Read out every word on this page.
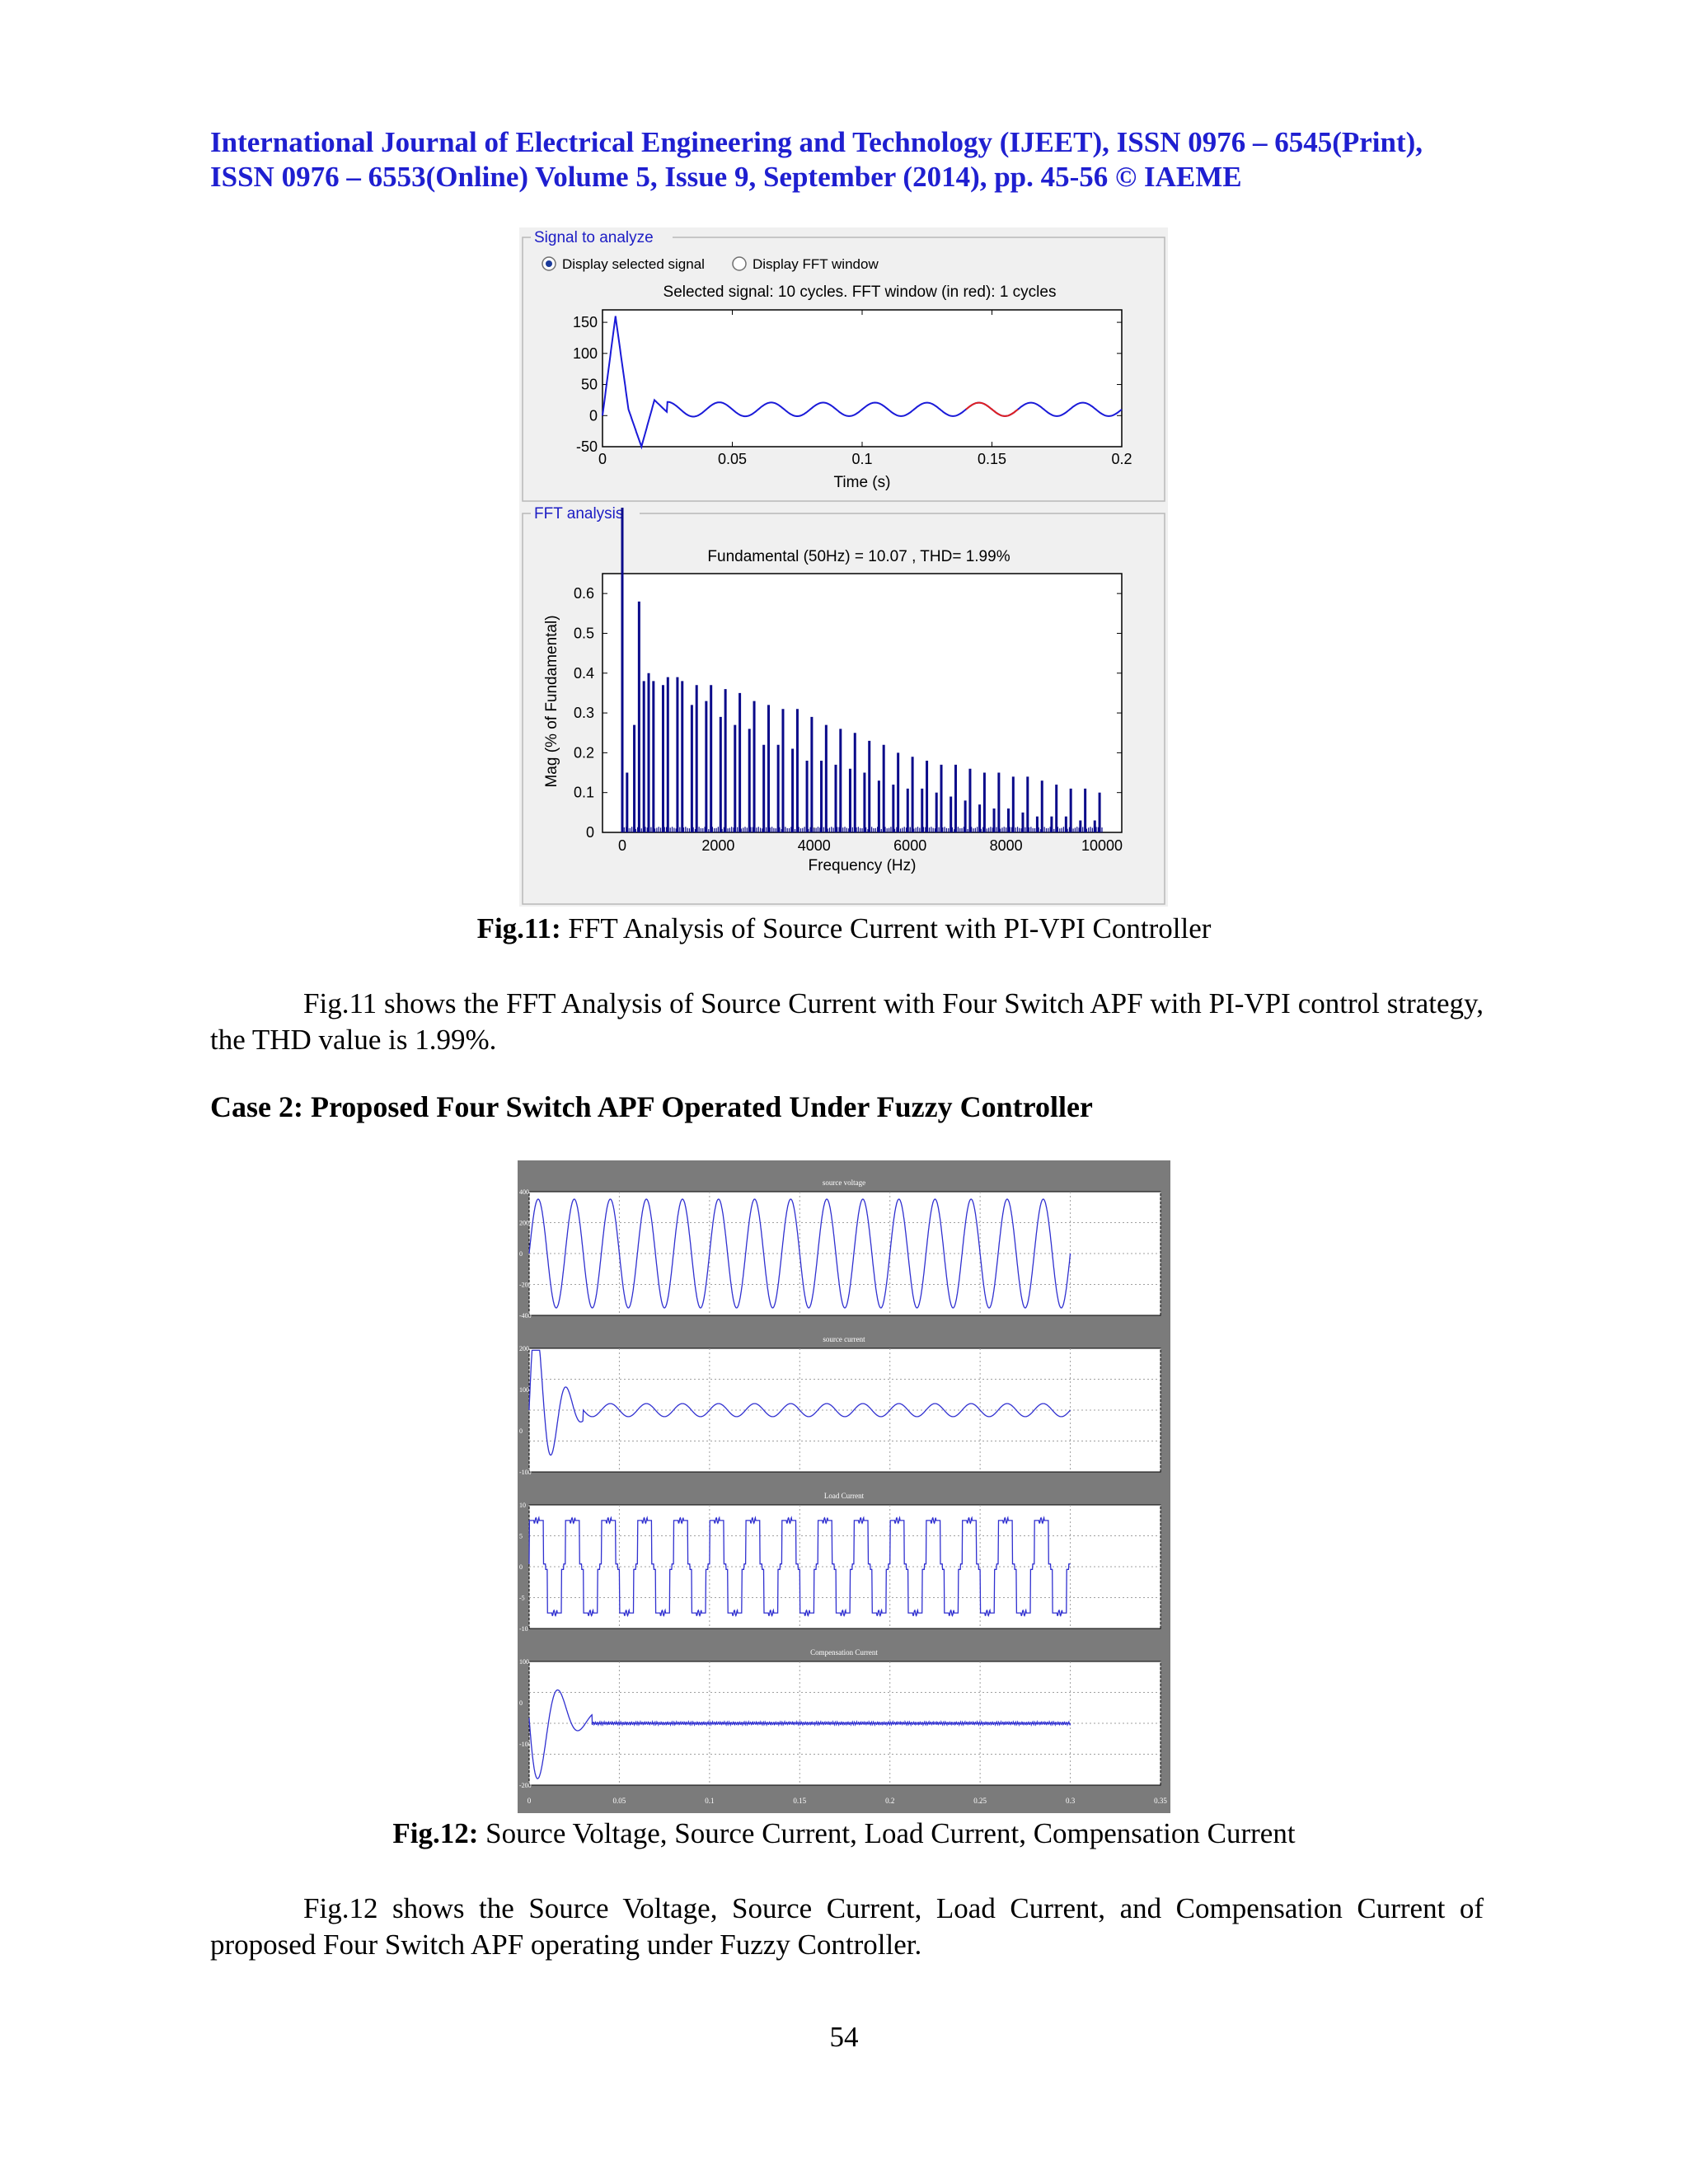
International Journal of Electrical Engineering and Technology (IJEET), ISSN 0976 – 6545(Print),
ISSN 0976 – 6553(Online) Volume 5, Issue 9, September (2014), pp. 45-56 © IAEME
Signal to analyze
Display selected signal	Display FFT window
Selected signal: 10 cycles. FFT window (in red): 1 cycles
0	0.05	0.1	0.15	0.2
150
100
50
0
-50
Time (s)
FFT analysis
Fundamental (50Hz) = 10.07 , THD= 1.99%
0	2000	4000	6000	8000	10000
0.6
0.5
0.4
0.3
0.2
0.1
0
Mag (% of Fundamental)
Frequency (Hz)
Fig.11: FFT Analysis of Source Current with PI-VPI Controller
Fig.11 shows the FFT Analysis of Source Current with Four Switch APF with PI-VPI control strategy, the THD value is 1.99%.
Case 2: Proposed Four Switch APF Operated Under Fuzzy Controller
source voltage
400
200
0
-200
-400
source current
200
100
0
-100
Load Current
10
5
0
-5
-10
Compensation Current
100
0
-100
-200
0	0.05	0.1	0.15	0.2	0.25	0.3	0.35
Fig.12: Source Voltage, Source Current, Load Current, Compensation Current
Fig.12 shows the Source Voltage, Source Current, Load Current, and Compensation Current of proposed Four Switch APF operating under Fuzzy Controller.
54
